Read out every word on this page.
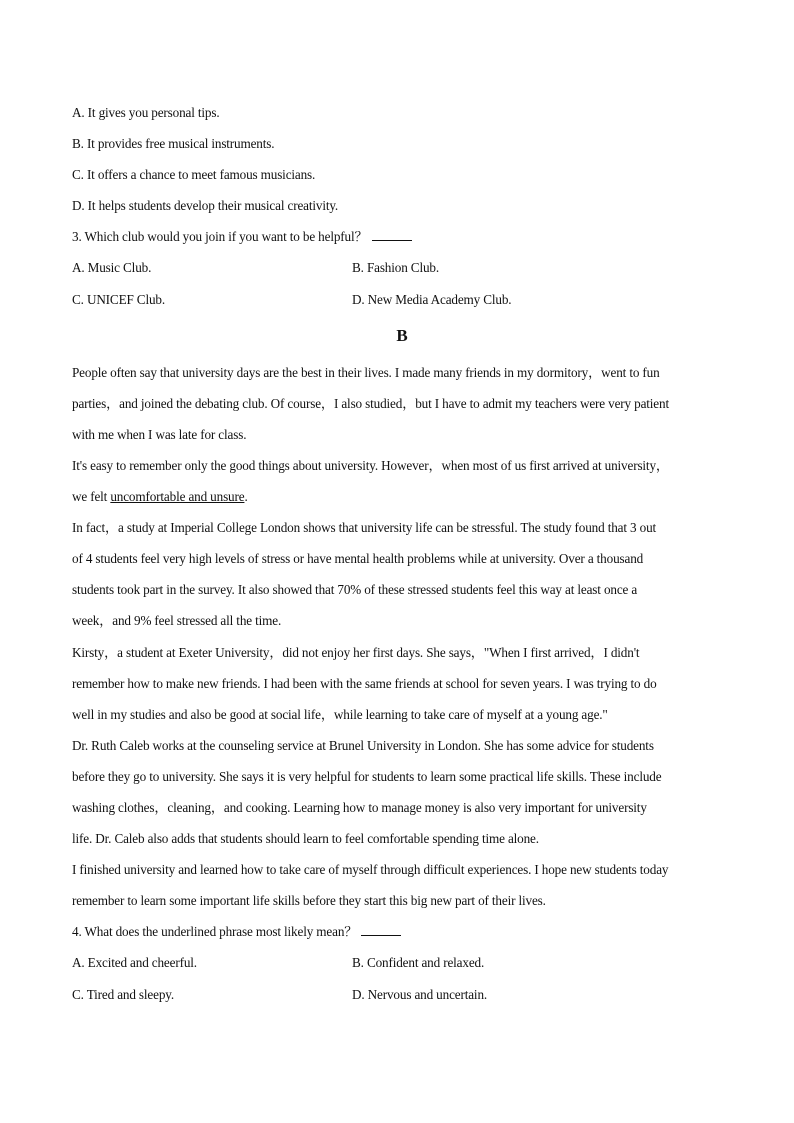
A. It gives you personal tips.
B. It provides free musical instruments.
C. It offers a chance to meet famous musicians.
D. It helps students develop their musical creativity.
3. Which club would you join if you want to be helpful？
A. Music Club.	B. Fashion Club.
C. UNICEF Club.	D. New Media Academy Club.
B
People often say that university days are the best in their lives. I made many friends in my dormitory，went to fun
parties，and joined the debating club. Of course，I also studied，but I have to admit my teachers were very patient
with me when I was late for class.
It's easy to remember only the good things about university. However，when most of us first arrived at university，
we felt uncomfortable and unsure.
In fact，a study at Imperial College London shows that university life can be stressful. The study found that 3 out
of 4 students feel very high levels of stress or have mental health problems while at university. Over a thousand
students took part in the survey. It also showed that 70% of these stressed students feel this way at least once a
week，and 9% feel stressed all the time.
Kirsty，a student at Exeter University，did not enjoy her first days. She says，"When I first arrived，I didn't
remember how to make new friends. I had been with the same friends at school for seven years. I was trying to do
well in my studies and also be good at social life，while learning to take care of myself at a young age."
Dr. Ruth Caleb works at the counseling service at Brunel University in London. She has some advice for students
before they go to university. She says it is very helpful for students to learn some practical life skills. These include
washing clothes，cleaning，and cooking. Learning how to manage money is also very important for university
life. Dr. Caleb also adds that students should learn to feel comfortable spending time alone.
I finished university and learned how to take care of myself through difficult experiences. I hope new students today
remember to learn some important life skills before they start this big new part of their lives.
4. What does the underlined phrase most likely mean？
A. Excited and cheerful.	B. Confident and relaxed.
C. Tired and sleepy.	D. Nervous and uncertain.
